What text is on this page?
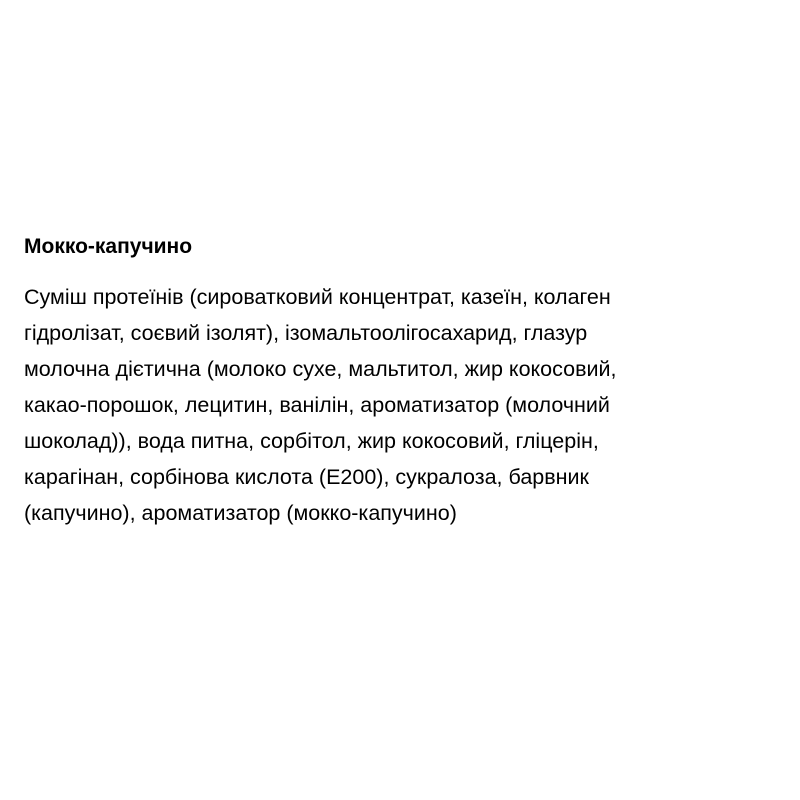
Мокко-капучино

Суміш протеїнів (сироватковий концентрат, казеїн, колаген
гідролізат, соєвий ізолят), ізомальтоолігосахарид, глазур
молочна дієтична (молоко сухе, мальтитол, жир кокосовий,
какао-порошок, лецитин, ванілін, ароматизатор (молочний
шоколад)), вода питна, сорбітол, жир кокосовий, гліцерін,
карагінан, сорбінова кислота (Е200), сукралоза, барвник
(капучино), ароматизатор (мокко-капучино)
